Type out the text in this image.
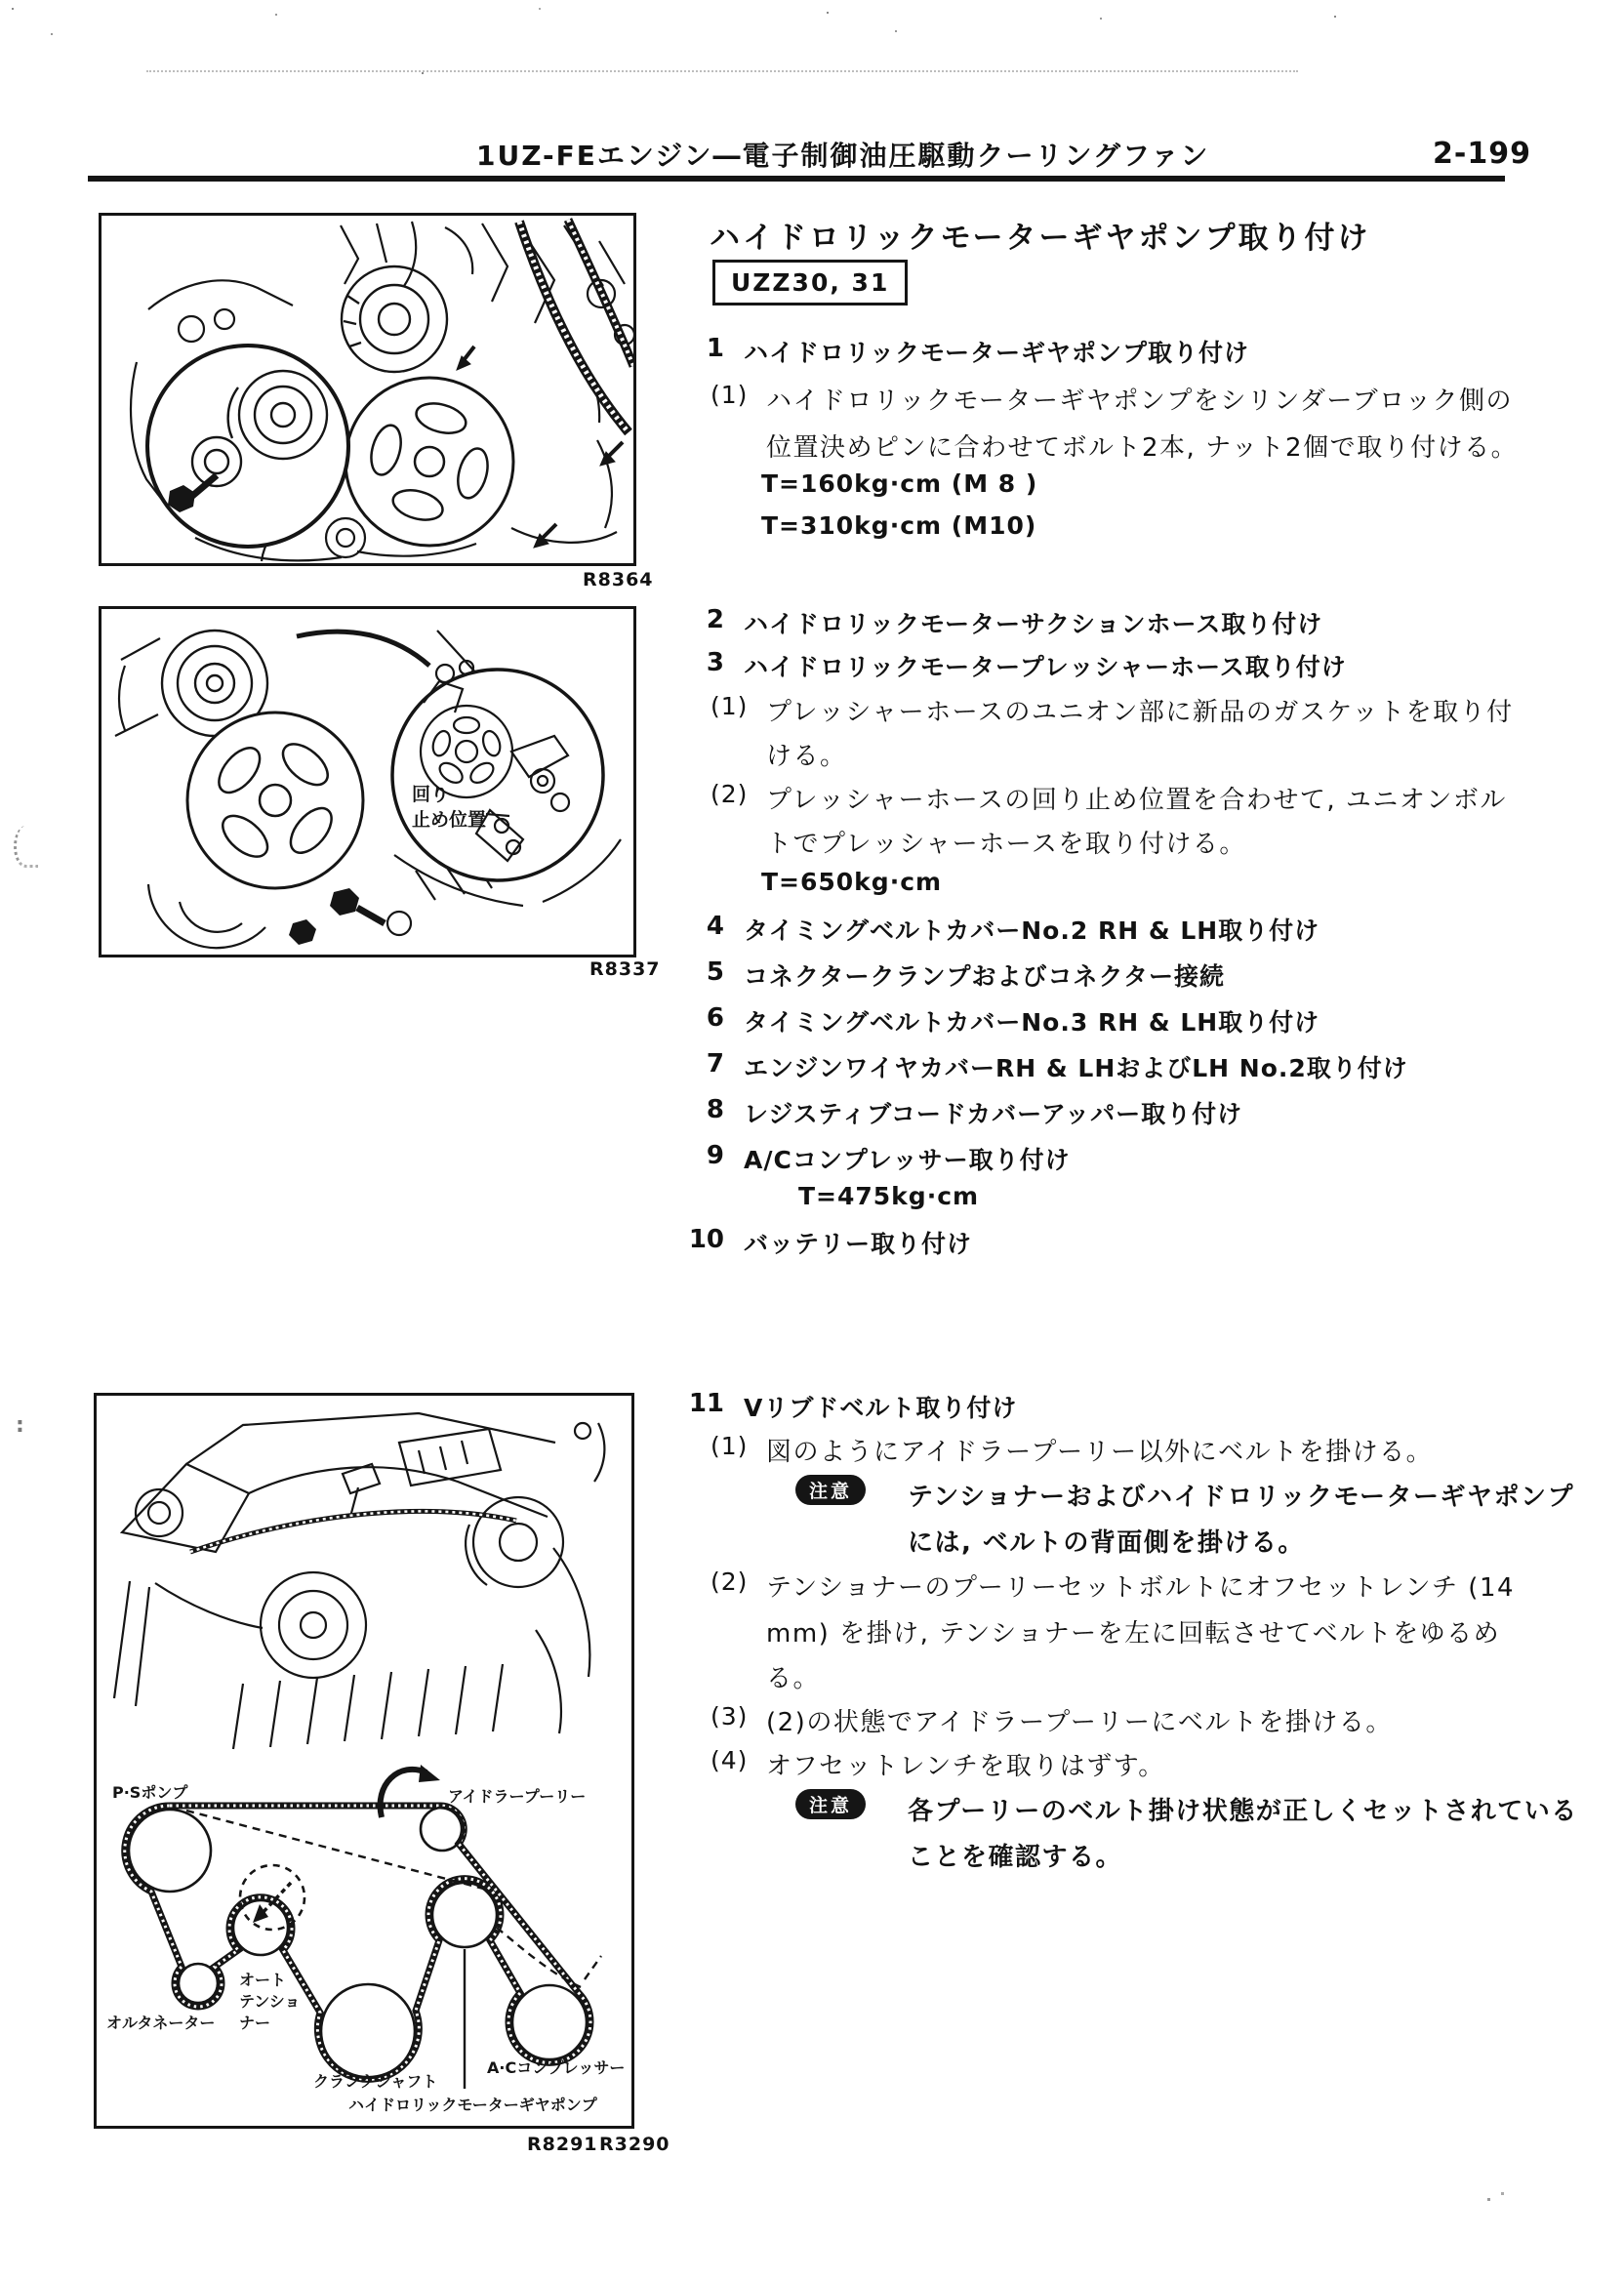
:
1UZ-FEエンジン―電子制御油圧駆動クーリングファン	2-199
R8364
回り
止め位置
R8337
P·Sポンプ	アイドラープーリー
オート
テンショ
ナー
オルタネーター
クランクシャフト
A·Cコンプレッサー
ハイドロリックモーターギヤポンプ
R8291 R3290
ハイドロリックモーターギヤポンプ取り付け
UZZ30, 31
1 ハイドロリックモーターギヤポンプ取り付け
(1) ハイドロリックモーターギヤポンプをシリンダーブロック側の
位置決めピンに合わせてボルト2本, ナット2個で取り付ける。
T=160kg·cm (M 8 )
T=310kg·cm (M10)
2 ハイドロリックモーターサクションホース取り付け
3 ハイドロリックモータープレッシャーホース取り付け
(1) プレッシャーホースのユニオン部に新品のガスケットを取り付
ける。
(2) プレッシャーホースの回り止め位置を合わせて, ユニオンボル
トでプレッシャーホースを取り付ける。
T=650kg·cm
4 タイミングベルトカバーNo.2 RH & LH取り付け
5 コネクタークランプおよびコネクター接続
6 タイミングベルトカバーNo.3 RH & LH取り付け
7 エンジンワイヤカバーRH & LHおよびLH No.2取り付け
8 レジスティブコードカバーアッパー取り付け
9 A/Cコンプレッサー取り付け
T=475kg·cm
10 バッテリー取り付け
11 Vリブドベルト取り付け
(1) 図のようにアイドラープーリー以外にベルトを掛ける。
注意	テンショナーおよびハイドロリックモーターギヤポンプ
には, ベルトの背面側を掛ける。
(2) テンショナーのプーリーセットボルトにオフセットレンチ (14
mm) を掛け, テンショナーを左に回転させてベルトをゆるめ
る。
(3) (2)の状態でアイドラープーリーにベルトを掛ける。
(4) オフセットレンチを取りはずす。
注意	各プーリーのベルト掛け状態が正しくセットされている
ことを確認する。
